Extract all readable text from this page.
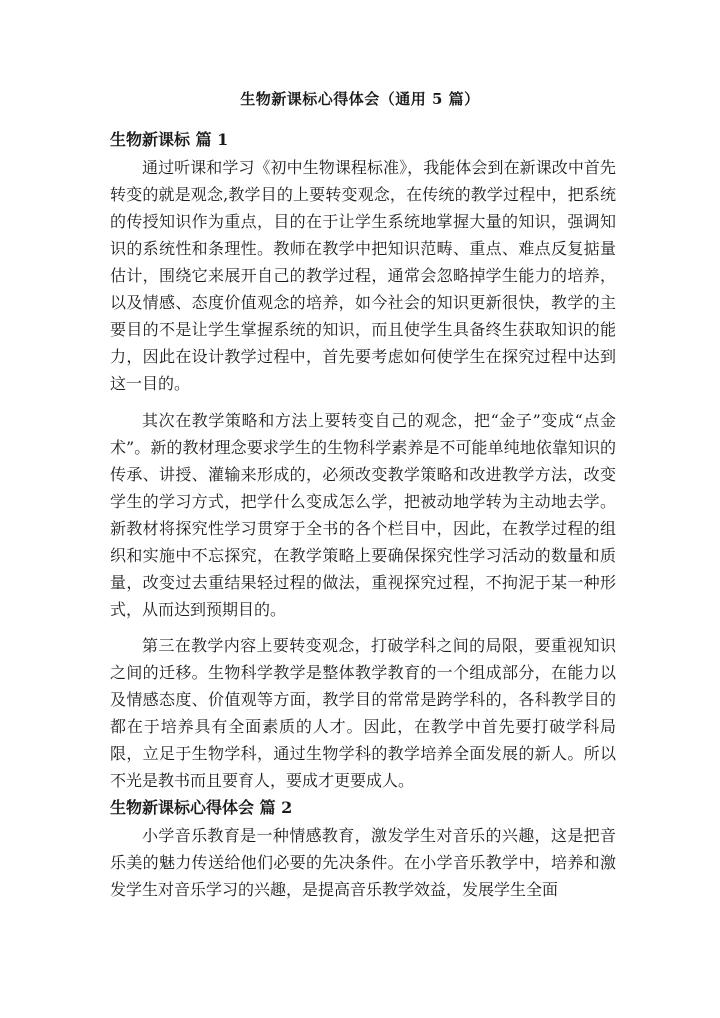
生物新课标心得体会（通用 5 篇）
生物新课标 篇 1
通过听课和学习《初中生物课程标准》，我能体会到在新课改中首先转变的就是观念,教学目的上要转变观念，在传统的教学过程中，把系统的传授知识作为重点，目的在于让学生系统地掌握大量的知识，强调知识的系统性和条理性。教师在教学中把知识范畴、重点、难点反复掂量估计，围绕它来展开自己的教学过程，通常会忽略掉学生能力的培养，以及情感、态度价值观念的培养，如今社会的知识更新很快，教学的主要目的不是让学生掌握系统的知识，而且使学生具备终生获取知识的能力，因此在设计教学过程中，首先要考虑如何使学生在探究过程中达到这一目的。
其次在教学策略和方法上要转变自己的观念，把“金子”变成“点金术”。新的教材理念要求学生的生物科学素养是不可能单纯地依靠知识的传承、讲授、灌输来形成的，必须改变教学策略和改进教学方法，改变学生的学习方式，把学什么变成怎么学，把被动地学转为主动地去学。新教材将探究性学习贯穿于全书的各个栏目中，因此，在教学过程的组织和实施中不忘探究，在教学策略上要确保探究性学习活动的数量和质量，改变过去重结果轻过程的做法，重视探究过程，不拘泥于某一种形式，从而达到预期目的。
第三在教学内容上要转变观念，打破学科之间的局限，要重视知识之间的迁移。生物科学教学是整体教学教育的一个组成部分，在能力以及情感态度、价值观等方面，教学目的常常是跨学科的，各科教学目的都在于培养具有全面素质的人才。因此，在教学中首先要打破学科局限，立足于生物学科，通过生物学科的教学培养全面发展的新人。所以不光是教书而且要育人，要成才更要成人。
生物新课标心得体会 篇 2
小学音乐教育是一种情感教育，激发学生对音乐的兴趣，这是把音乐美的魅力传送给他们必要的先决条件。在小学音乐教学中，培养和激发学生对音乐学习的兴趣，是提高音乐教学效益，发展学生全面
